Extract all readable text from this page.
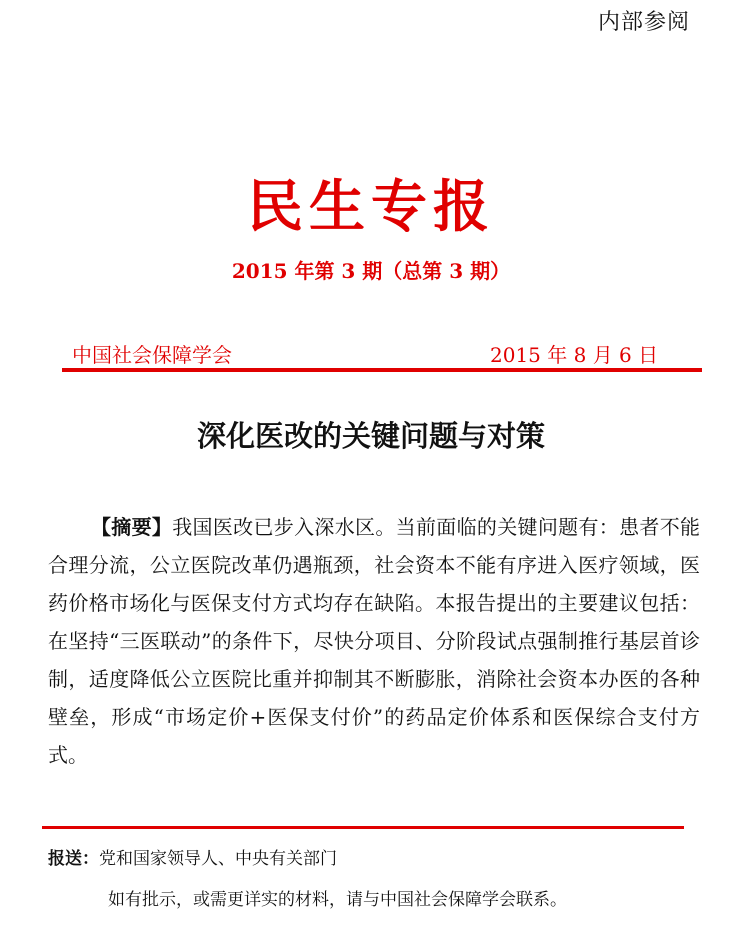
内部参阅
民生专报
2015 年第 3 期（总第 3 期）
中国社会保障学会	2015 年 8 月 6 日
深化医改的关键问题与对策
【摘要】我国医改已步入深水区。当前面临的关键问题有：患者不能合理分流，公立医院改革仍遇瓶颈，社会资本不能有序进入医疗领域，医药价格市场化与医保支付方式均存在缺陷。本报告提出的主要建议包括：在坚持“三医联动”的条件下，尽快分项目、分阶段试点强制推行基层首诊制，适度降低公立医院比重并抑制其不断膨胀，消除社会资本办医的各种壁垒，形成“市场定价+医保支付价”的药品定价体系和医保综合支付方式。
报送：党和国家领导人、中央有关部门
如有批示，或需更详实的材料，请与中国社会保障学会联系。
